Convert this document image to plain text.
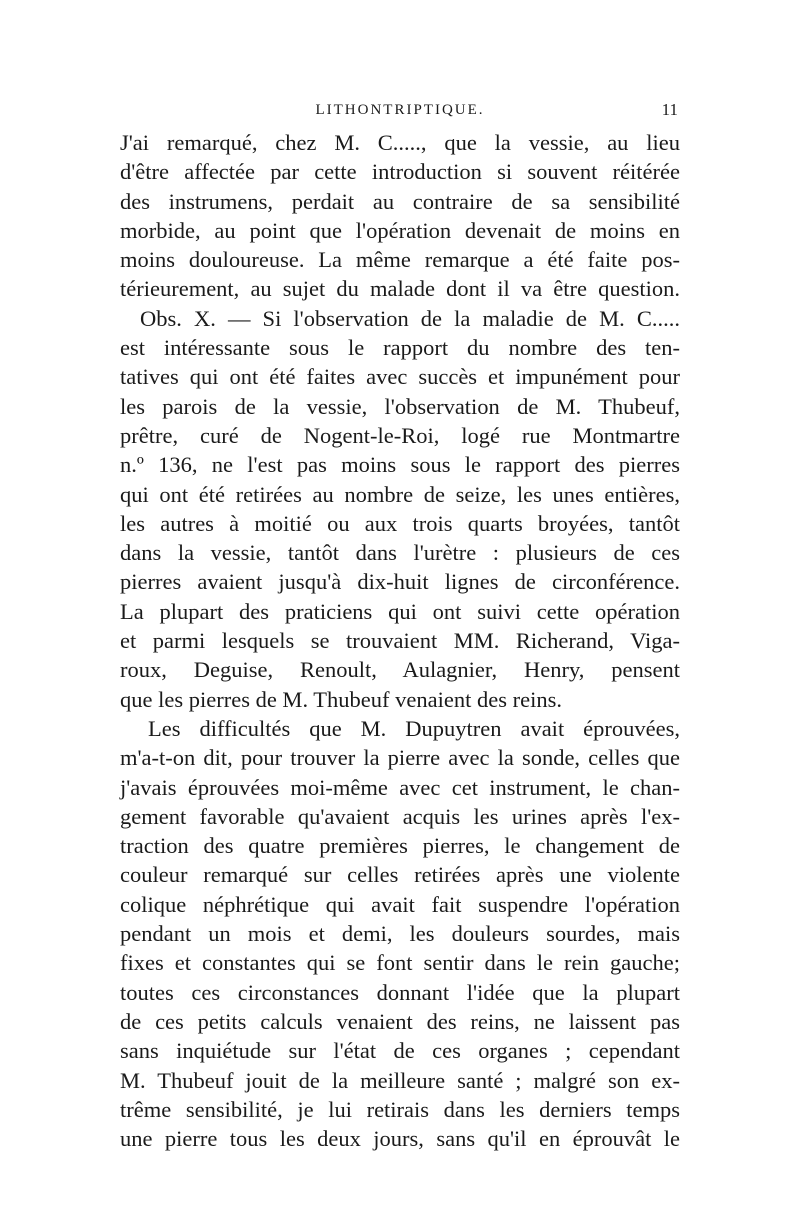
LITHONTRIPTIQUE.	11
J'ai remarqué, chez M. C....., que la vessie, au lieu
d'être affectée par cette introduction si souvent réitérée
des instrumens, perdait au contraire de sa sensibilité
morbide, au point que l'opération devenait de moins en
moins douloureuse. La même remarque a été faite pos-
térieurement, au sujet du malade dont il va être question.
Obs. X. — Si l'observation de la maladie de M. C.....
est intéressante sous le rapport du nombre des ten-
tatives qui ont été faites avec succès et impunément pour
les parois de la vessie, l'observation de M. Thubeuf,
prêtre, curé de Nogent-le-Roi, logé rue Montmartre
n.º 136, ne l'est pas moins sous le rapport des pierres
qui ont été retirées au nombre de seize, les unes entières,
les autres à moitié ou aux trois quarts broyées, tantôt
dans la vessie, tantôt dans l'urètre : plusieurs de ces
pierres avaient jusqu'à dix-huit lignes de circonférence.
La plupart des praticiens qui ont suivi cette opération
et parmi lesquels se trouvaient MM. Richerand, Viga-
roux, Deguise, Renoult, Aulagnier, Henry, pensent
que les pierres de M. Thubeuf venaient des reins.
Les difficultés que M. Dupuytren avait éprouvées,
m'a-t-on dit, pour trouver la pierre avec la sonde, celles que
j'avais éprouvées moi-même avec cet instrument, le chan-
gement favorable qu'avaient acquis les urines après l'ex-
traction des quatre premières pierres, le changement de
couleur remarqué sur celles retirées après une violente
colique néphrétique qui avait fait suspendre l'opération
pendant un mois et demi, les douleurs sourdes, mais
fixes et constantes qui se font sentir dans le rein gauche;
toutes ces circonstances donnant l'idée que la plupart
de ces petits calculs venaient des reins, ne laissent pas
sans inquiétude sur l'état de ces organes ; cependant
M. Thubeuf jouit de la meilleure santé ; malgré son ex-
trême sensibilité, je lui retirais dans les derniers temps
une pierre tous les deux jours, sans qu'il en éprouvât le
